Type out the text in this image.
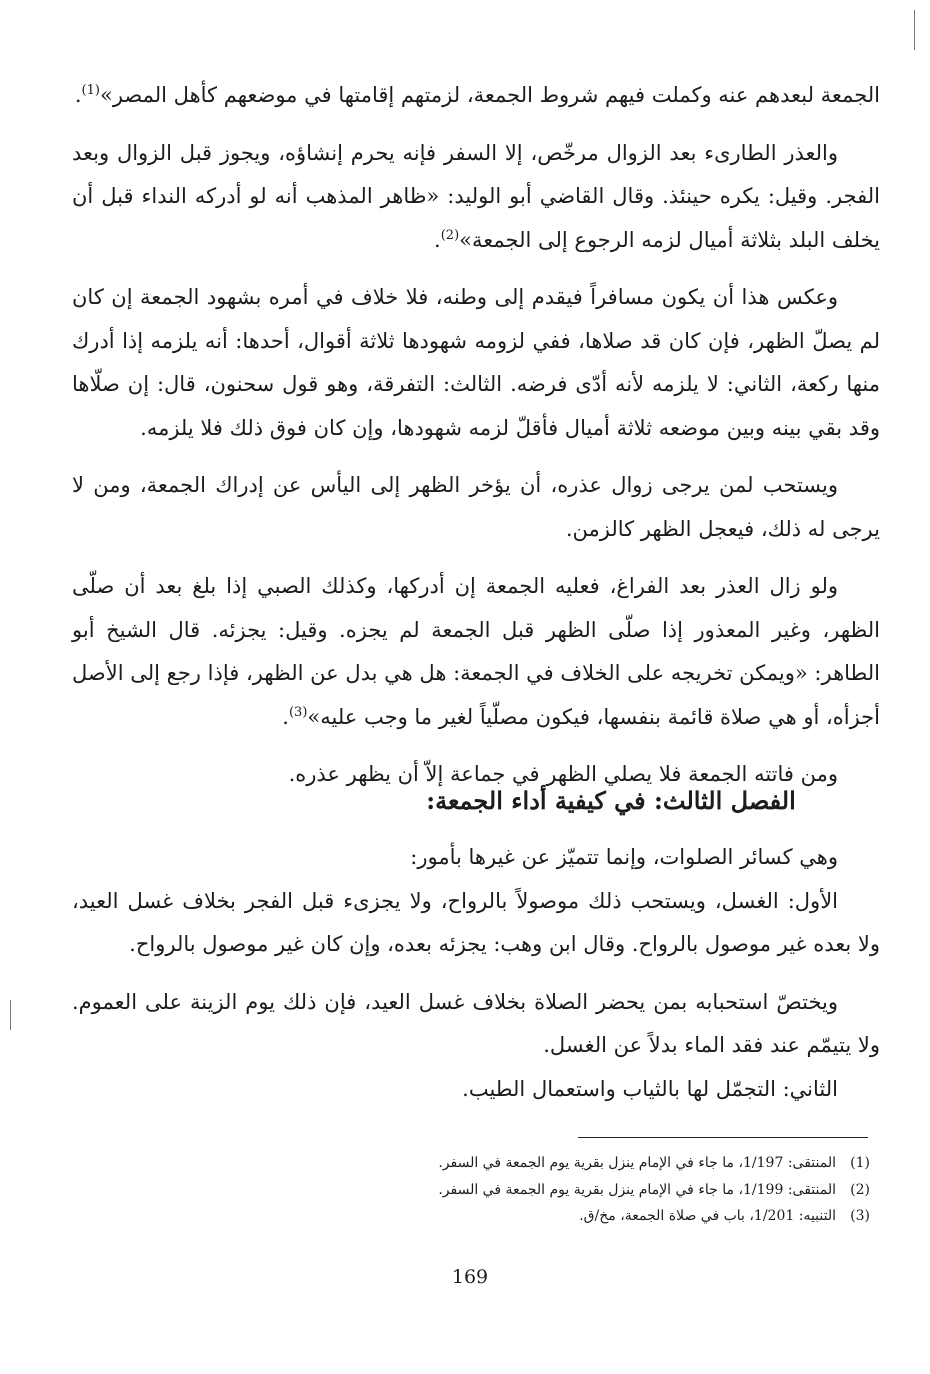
الجمعة لبعدهم عنه وكملت فيهم شروط الجمعة، لزمتهم إقامتها في موضعهم كأهل المصر»$^{(1)}$.

والعذر الطارىء بعد الزوال مرخّص، إلا السفر فإنه يحرم إنشاؤه، ويجوز قبل الزوال وبعد الفجر. وقيل: يكره حينئذ. وقال القاضي أبو الوليد: «ظاهر المذهب أنه لو أدركه النداء قبل أن يخلف البلد بثلاثة أميال لزمه الرجوع إلى الجمعة»$^{(2)}$.

وعكس هذا أن يكون مسافراً فيقدم إلى وطنه، فلا خلاف في أمره بشهود الجمعة إن كان لم يصلّ الظهر، فإن كان قد صلاها، ففي لزومه شهودها ثلاثة أقوال، أحدها: أنه يلزمه إذا أدرك منها ركعة، الثاني: لا يلزمه لأنه أدّى فرضه. الثالث: التفرقة، وهو قول سحنون، قال: إن صلّاها وقد بقي بينه وبين موضعه ثلاثة أميال فأقلّ لزمه شهودها، وإن كان فوق ذلك فلا يلزمه.

ويستحب لمن يرجى زوال عذره، أن يؤخر الظهر إلى اليأس عن إدراك الجمعة، ومن لا يرجى له ذلك، فيعجل الظهر كالزمن.

ولو زال العذر بعد الفراغ، فعليه الجمعة إن أدركها، وكذلك الصبي إذا بلغ بعد أن صلّى الظهر، وغير المعذور إذا صلّى الظهر قبل الجمعة لم يجزه. وقيل: يجزئه. قال الشيخ أبو الطاهر: «ويمكن تخريجه على الخلاف في الجمعة: هل هي بدل عن الظهر، فإذا رجع إلى الأصل أجزأه، أو هي صلاة قائمة بنفسها، فيكون مصلّياً لغير ما وجب عليه»$^{(3)}$.

ومن فاتته الجمعة فلا يصلي الظهر في جماعة إلاّ أن يظهر عذره.

الفصل الثالث: في كيفية أداء الجمعة:

وهي كسائر الصلوات، وإنما تتميّز عن غيرها بأمور:

الأول: الغسل، ويستحب ذلك موصولاً بالرواح، ولا يجزىء قبل الفجر بخلاف غسل العيد، ولا بعده غير موصول بالرواح. وقال ابن وهب: يجزئه بعده، وإن كان غير موصول بالرواح.

ويختصّ استحبابه بمن يحضر الصلاة بخلاف غسل العيد، فإن ذلك يوم الزينة على العموم. ولا يتيمّم عند فقد الماء بدلاً عن الغسل.

الثاني: التجمّل لها بالثياب واستعمال الطيب.

(1)المنتقى: 1/197، ما جاء في الإمام ينزل بقرية يوم الجمعة في السفر.

(2)المنتقى: 1/199، ما جاء في الإمام ينزل بقرية يوم الجمعة في السفر.

(3)التنبيه: 1/201، باب في صلاة الجمعة، مخ/ق.

169
